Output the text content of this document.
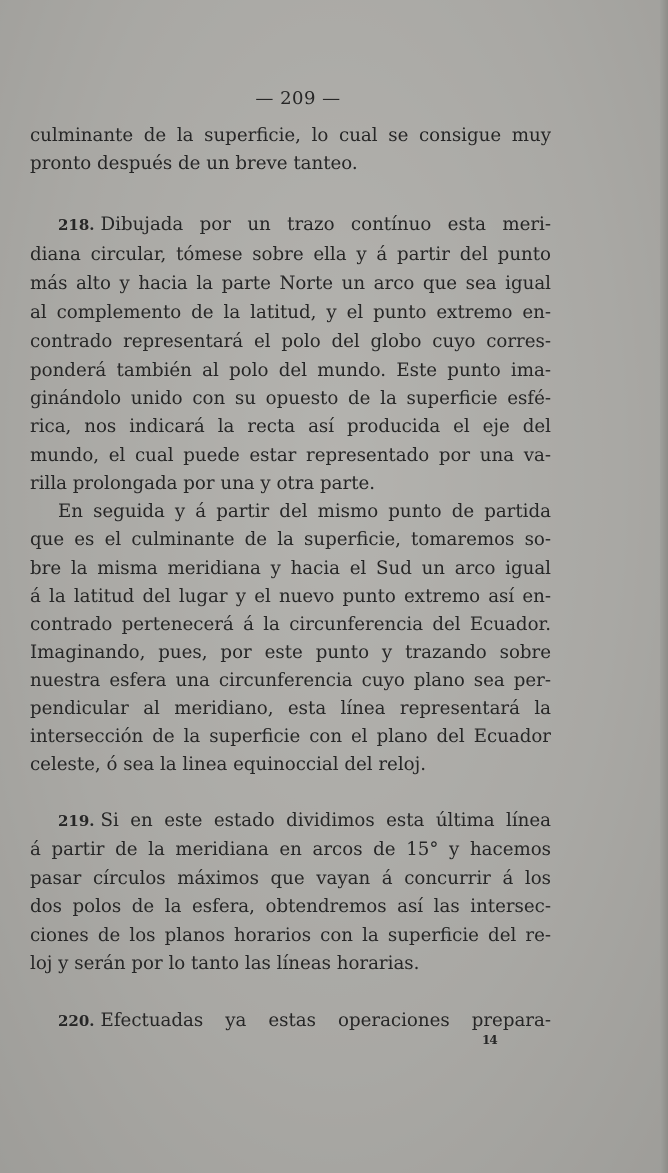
— 209 —
culminante de la superficie, lo cual se consigue muy
pronto después de un breve tanteo.
218. Dibujada por un trazo contínuo esta meri-
diana circular, tómese sobre ella y á partir del punto
más alto y hacia la parte Norte un arco que sea igual
al complemento de la latitud, y el punto extremo en-
contrado representará el polo del globo cuyo corres-
ponderá también al polo del mundo. Este punto ima-
ginándolo unido con su opuesto de la superficie esfé-
rica, nos indicará la recta así producida el eje del
mundo, el cual puede estar representado por una va-
rilla prolongada por una y otra parte.
En seguida y á partir del mismo punto de partida
que es el culminante de la superficie, tomaremos so-
bre la misma meridiana y hacia el Sud un arco igual
á la latitud del lugar y el nuevo punto extremo así en-
contrado pertenecerá á la circunferencia del Ecuador.
Imaginando, pues, por este punto y trazando sobre
nuestra esfera una circunferencia cuyo plano sea per-
pendicular al meridiano, esta línea representará la
intersección de la superficie con el plano del Ecuador
celeste, ó sea la linea equinoccial del reloj.
219. Si en este estado dividimos esta última línea
á partir de la meridiana en arcos de 15° y hacemos
pasar círculos máximos que vayan á concurrir á los
dos polos de la esfera, obtendremos así las intersec-
ciones de los planos horarios con la superficie del re-
loj y serán por lo tanto las líneas horarias.
220. Efectuadas ya estas operaciones prepara-
14
